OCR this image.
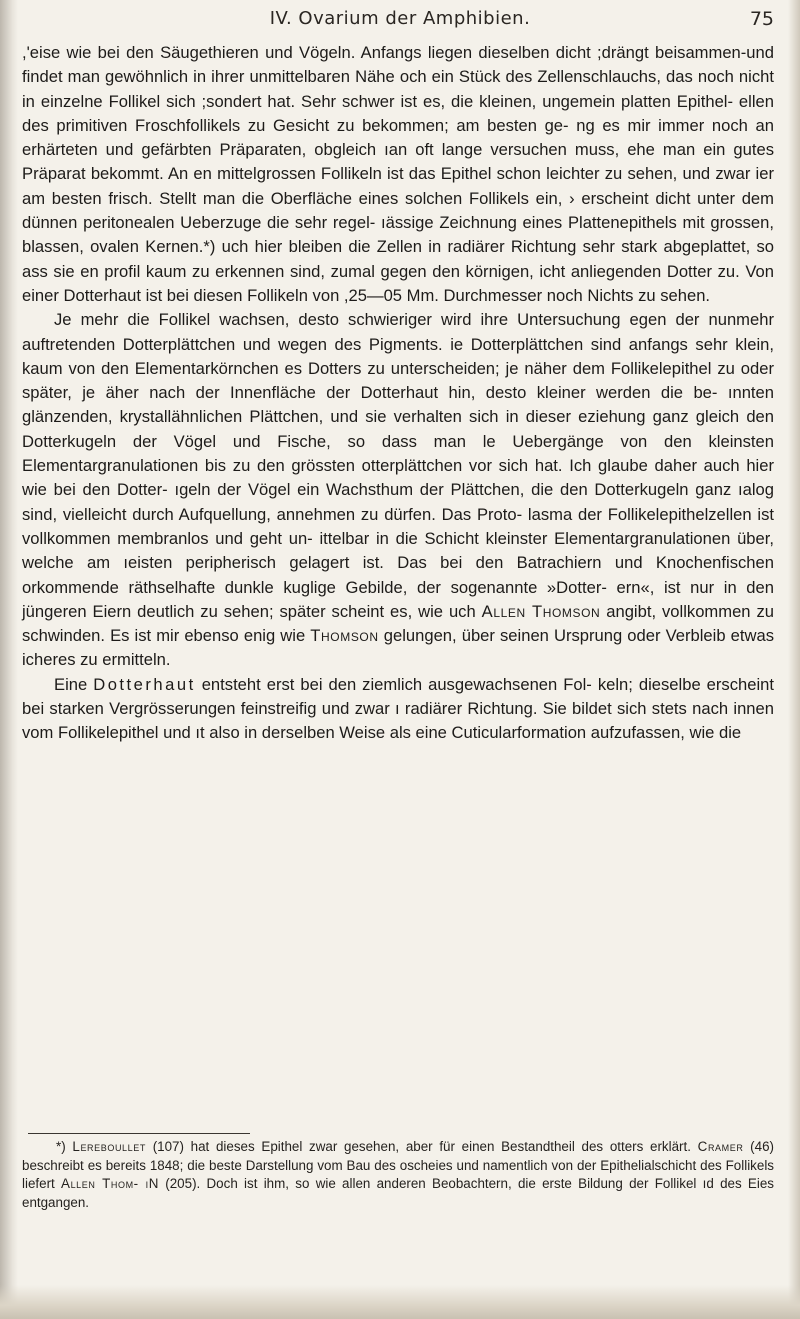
IV. Ovarium der Amphibien.	75

,'eise wie bei den Säugethieren und Vögeln. Anfangs liegen dieselben dicht ;drängt beisammen-und findet man gewöhnlich in ihrer unmittelbaren Nähe och ein Stück des Zellenschlauchs, das noch nicht in einzelne Follikel sich ;sondert hat. Sehr schwer ist es, die kleinen, ungemein platten Epithel- ellen des primitiven Froschfollikels zu Gesicht zu bekommen; am besten ge- ng es mir immer noch an erhärteten und gefärbten Präparaten, obgleich ıan oft lange versuchen muss, ehe man ein gutes Präparat bekommt. An en mittelgrossen Follikeln ist das Epithel schon leichter zu sehen, und zwar ier am besten frisch. Stellt man die Oberfläche eines solchen Follikels ein, › erscheint dicht unter dem dünnen peritonealen Ueberzuge die sehr regel- ıässige Zeichnung eines Plattenepithels mit grossen, blassen, ovalen Kernen.*) uch hier bleiben die Zellen in radiärer Richtung sehr stark abgeplattet, so ass sie en profil kaum zu erkennen sind, zumal gegen den körnigen, icht anliegenden Dotter zu. Von einer Dotterhaut ist bei diesen Follikeln von ,25—05 Mm. Durchmesser noch Nichts zu sehen.

Je mehr die Follikel wachsen, desto schwieriger wird ihre Untersuchung egen der nunmehr auftretenden Dotterplättchen und wegen des Pigments. ie Dotterplättchen sind anfangs sehr klein, kaum von den Elementarkörnchen es Dotters zu unterscheiden; je näher dem Follikelepithel zu oder später, je äher nach der Innenfläche der Dotterhaut hin, desto kleiner werden die be- ınnten glänzenden, krystallähnlichen Plättchen, und sie verhalten sich in dieser eziehung ganz gleich den Dotterkugeln der Vögel und Fische, so dass man le Uebergänge von den kleinsten Elementargranulationen bis zu den grössten otterplättchen vor sich hat. Ich glaube daher auch hier wie bei den Dotter- ıgeln der Vögel ein Wachsthum der Plättchen, die den Dotterkugeln ganz ıalog sind, vielleicht durch Aufquellung, annehmen zu dürfen. Das Proto- lasma der Follikelepithelzellen ist vollkommen membranlos und geht un- ittelbar in die Schicht kleinster Elementargranulationen über, welche am ıeisten peripherisch gelagert ist. Das bei den Batrachiern und Knochenfischen orkommende räthselhafte dunkle kuglige Gebilde, der sogenannte »Dotter- ern«, ist nur in den jüngeren Eiern deutlich zu sehen; später scheint es, wie uch Allen Thomson angibt, vollkommen zu schwinden. Es ist mir ebenso enig wie Thomson gelungen, über seinen Ursprung oder Verbleib etwas icheres zu ermitteln.

Eine Dotterhaut entsteht erst bei den ziemlich ausgewachsenen Fol- keln; dieselbe erscheint bei starken Vergrösserungen feinstreifig und zwar ı radiärer Richtung. Sie bildet sich stets nach innen vom Follikelepithel und ıt also in derselben Weise als eine Cuticularformation aufzufassen, wie die

*) Lereboullet (107) hat dieses Epithel zwar gesehen, aber für einen Bestandtheil des otters erklärt. Cramer (46) beschreibt es bereits 1848; die beste Darstellung vom Bau des oscheies und namentlich von der Epithelialschicht des Follikels liefert Allen Thom- ıN (205). Doch ist ihm, so wie allen anderen Beobachtern, die erste Bildung der Follikel ıd des Eies entgangen.
